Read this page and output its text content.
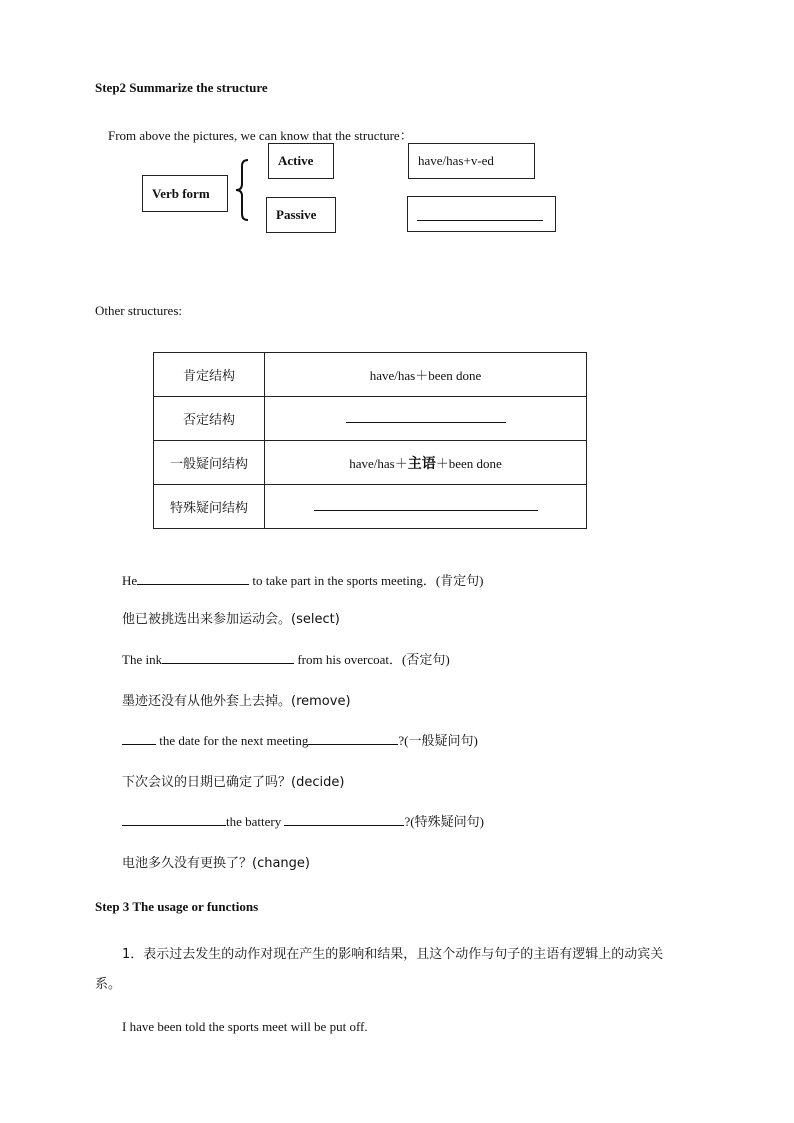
Step2 Summarize the structure
From above the pictures, we can know that the structure：
Verb form
Active	have/has+v-ed
Passive
Other structures:
肯定结构	have/has＋been done
否定结构	
一般疑问结构	have/has＋主语＋been done
特殊疑问结构	
He	to take part in the sports meeting．(肯定句)
他已被挑选出来参加运动会。(select)
The ink	from his overcoat．(否定句)
墨迹还没有从他外套上去掉。(remove)
the date for the next meeting	?(一般疑问句)
下次会议的日期已确定了吗？(decide)
the battery	?(特殊疑问句)
电池多久没有更换了？(change)
Step 3 The usage or functions
1．表示过去发生的动作对现在产生的影响和结果，且这个动作与句子的主语有逻辑上的动宾关
系。
I have been told the sports meet will be put off.
